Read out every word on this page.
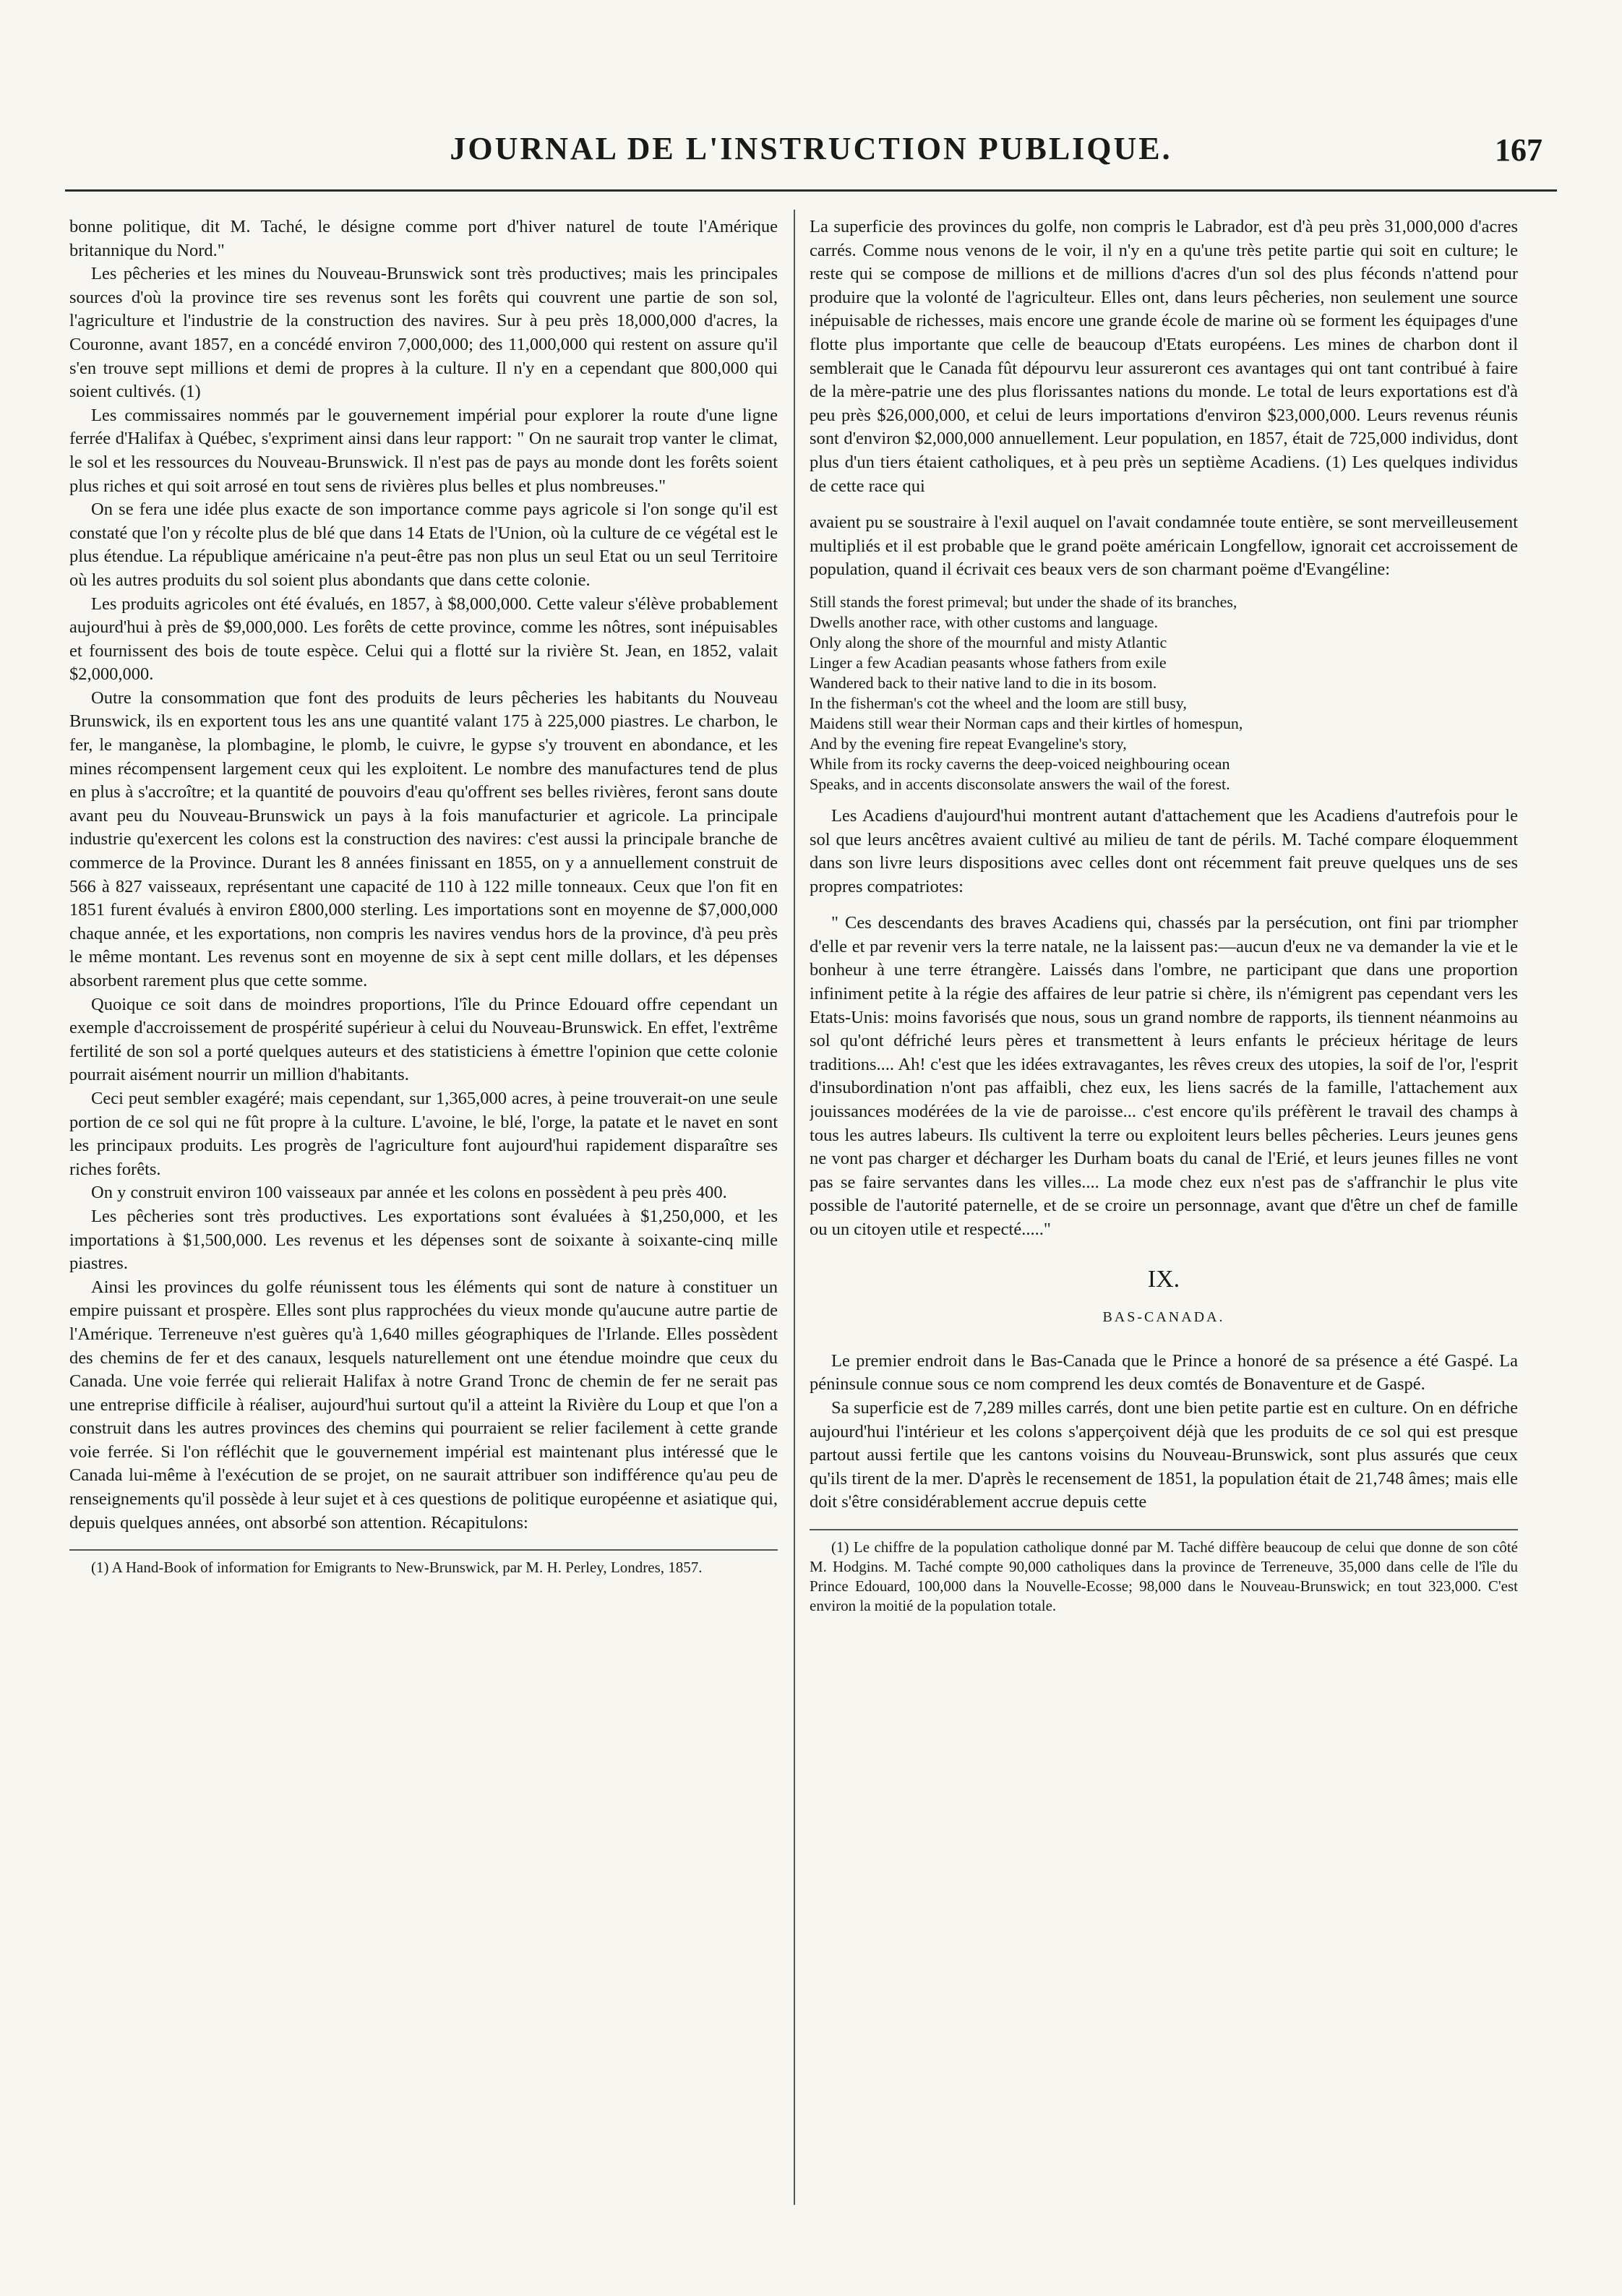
JOURNAL DE L'INSTRUCTION PUBLIQUE.	167

bonne politique, dit M. Taché, le désigne comme port d'hiver naturel de toute l'Amérique britannique du Nord."

Les pêcheries et les mines du Nouveau-Brunswick sont très productives; mais les principales sources d'où la province tire ses revenus sont les forêts qui couvrent une partie de son sol, l'agriculture et l'industrie de la construction des navires. Sur à peu près 18,000,000 d'acres, la Couronne, avant 1857, en a concédé environ 7,000,000; des 11,000,000 qui restent on assure qu'il s'en trouve sept millions et demi de propres à la culture. Il n'y en a cependant que 800,000 qui soient cultivés. (1)

Les commissaires nommés par le gouvernement impérial pour explorer la route d'une ligne ferrée d'Halifax à Québec, s'expriment ainsi dans leur rapport: " On ne saurait trop vanter le climat, le sol et les ressources du Nouveau-Brunswick. Il n'est pas de pays au monde dont les forêts soient plus riches et qui soit arrosé en tout sens de rivières plus belles et plus nombreuses."

On se fera une idée plus exacte de son importance comme pays agricole si l'on songe qu'il est constaté que l'on y récolte plus de blé que dans 14 Etats de l'Union, où la culture de ce végétal est le plus étendue. La république américaine n'a peut-être pas non plus un seul Etat ou un seul Territoire où les autres produits du sol soient plus abondants que dans cette colonie.

Les produits agricoles ont été évalués, en 1857, à $8,000,000. Cette valeur s'élève probablement aujourd'hui à près de $9,000,000. Les forêts de cette province, comme les nôtres, sont inépuisables et fournissent des bois de toute espèce. Celui qui a flotté sur la rivière St. Jean, en 1852, valait $2,000,000.

Outre la consommation que font des produits de leurs pêcheries les habitants du Nouveau Brunswick, ils en exportent tous les ans une quantité valant 175 à 225,000 piastres. Le charbon, le fer, le manganèse, la plombagine, le plomb, le cuivre, le gypse s'y trouvent en abondance, et les mines récompensent largement ceux qui les exploitent. Le nombre des manufactures tend de plus en plus à s'accroître; et la quantité de pouvoirs d'eau qu'offrent ses belles rivières, feront sans doute avant peu du Nouveau-Brunswick un pays à la fois manufacturier et agricole. La principale industrie qu'exercent les colons est la construction des navires: c'est aussi la principale branche de commerce de la Province. Durant les 8 années finissant en 1855, on y a annuellement construit de 566 à 827 vaisseaux, représentant une capacité de 110 à 122 mille tonneaux. Ceux que l'on fit en 1851 furent évalués à environ £800,000 sterling. Les importations sont en moyenne de $7,000,000 chaque année, et les exportations, non compris les navires vendus hors de la province, d'à peu près le même montant. Les revenus sont en moyenne de six à sept cent mille dollars, et les dépenses absorbent rarement plus que cette somme.

Quoique ce soit dans de moindres proportions, l'île du Prince Edouard offre cependant un exemple d'accroissement de prospérité supérieur à celui du Nouveau-Brunswick. En effet, l'extrême fertilité de son sol a porté quelques auteurs et des statisticiens à émettre l'opinion que cette colonie pourrait aisément nourrir un million d'habitants.

Ceci peut sembler exagéré; mais cependant, sur 1,365,000 acres, à peine trouverait-on une seule portion de ce sol qui ne fût propre à la culture. L'avoine, le blé, l'orge, la patate et le navet en sont les principaux produits. Les progrès de l'agriculture font aujourd'hui rapidement disparaître ses riches forêts.

On y construit environ 100 vaisseaux par année et les colons en possèdent à peu près 400.

Les pêcheries sont très productives. Les exportations sont évaluées à $1,250,000, et les importations à $1,500,000. Les revenus et les dépenses sont de soixante à soixante-cinq mille piastres.

Ainsi les provinces du golfe réunissent tous les éléments qui sont de nature à constituer un empire puissant et prospère. Elles sont plus rapprochées du vieux monde qu'aucune autre partie de l'Amérique. Terreneuve n'est guères qu'à 1,640 milles géographiques de l'Irlande. Elles possèdent des chemins de fer et des canaux, lesquels naturellement ont une étendue moindre que ceux du Canada. Une voie ferrée qui relierait Halifax à notre Grand Tronc de chemin de fer ne serait pas une entreprise difficile à réaliser, aujourd'hui surtout qu'il a atteint la Rivière du Loup et que l'on a construit dans les autres provinces des chemins qui pourraient se relier facilement à cette grande voie ferrée. Si l'on réfléchit que le gouvernement impérial est maintenant plus intéressé que le Canada lui-même à l'exécution de se projet, on ne saurait attribuer son indifférence qu'au peu de renseignements qu'il possède à leur sujet et à ces questions de politique européenne et asiatique qui, depuis quelques années, ont absorbé son attention. Récapitulons:

(1) A Hand-Book of information for Emigrants to New-Brunswick, par M. H. Perley, Londres, 1857.

La superficie des provinces du golfe, non compris le Labrador, est d'à peu près 31,000,000 d'acres carrés. Comme nous venons de le voir, il n'y en a qu'une très petite partie qui soit en culture; le reste qui se compose de millions et de millions d'acres d'un sol des plus féconds n'attend pour produire que la volonté de l'agriculteur. Elles ont, dans leurs pêcheries, non seulement une source inépuisable de richesses, mais encore une grande école de marine où se forment les équipages d'une flotte plus importante que celle de beaucoup d'Etats européens. Les mines de charbon dont il semblerait que le Canada fût dépourvu leur assureront ces avantages qui ont tant contribué à faire de la mère-patrie une des plus florissantes nations du monde. Le total de leurs exportations est d'à peu près $26,000,000, et celui de leurs importations d'environ $23,000,000. Leurs revenus réunis sont d'environ $2,000,000 annuellement. Leur population, en 1857, était de 725,000 individus, dont plus d'un tiers étaient catholiques, et à peu près un septième Acadiens. (1) Les quelques individus de cette race qui

avaient pu se soustraire à l'exil auquel on l'avait condamnée toute entière, se sont merveilleusement multipliés et il est probable que le grand poëte américain Longfellow, ignorait cet accroissement de population, quand il écrivait ces beaux vers de son charmant poëme d'Evangéline:

Still stands the forest primeval; but under the shade of its branches,
Dwells another race, with other customs and language.
Only along the shore of the mournful and misty Atlantic
Linger a few Acadian peasants whose fathers from exile
Wandered back to their native land to die in its bosom.
In the fisherman's cot the wheel and the loom are still busy,
Maidens still wear their Norman caps and their kirtles of homespun,
And by the evening fire repeat Evangeline's story,
While from its rocky caverns the deep-voiced neighbouring ocean
Speaks, and in accents disconsolate answers the wail of the forest.

Les Acadiens d'aujourd'hui montrent autant d'attachement que les Acadiens d'autrefois pour le sol que leurs ancêtres avaient cultivé au milieu de tant de périls. M. Taché compare éloquemment dans son livre leurs dispositions avec celles dont ont récemment fait preuve quelques uns de ses propres compatriotes:

" Ces descendants des braves Acadiens qui, chassés par la persécution, ont fini par triompher d'elle et par revenir vers la terre natale, ne la laissent pas:—aucun d'eux ne va demander la vie et le bonheur à une terre étrangère. Laissés dans l'ombre, ne participant que dans une proportion infiniment petite à la régie des affaires de leur patrie si chère, ils n'émigrent pas cependant vers les Etats-Unis: moins favorisés que nous, sous un grand nombre de rapports, ils tiennent néanmoins au sol qu'ont défriché leurs pères et transmettent à leurs enfants le précieux héritage de leurs traditions.... Ah! c'est que les idées extravagantes, les rêves creux des utopies, la soif de l'or, l'esprit d'insubordination n'ont pas affaibli, chez eux, les liens sacrés de la famille, l'attachement aux jouissances modérées de la vie de paroisse... c'est encore qu'ils préfèrent le travail des champs à tous les autres labeurs. Ils cultivent la terre ou exploitent leurs belles pêcheries. Leurs jeunes gens ne vont pas charger et décharger les Durham boats du canal de l'Erié, et leurs jeunes filles ne vont pas se faire servantes dans les villes.... La mode chez eux n'est pas de s'affranchir le plus vite possible de l'autorité paternelle, et de se croire un personnage, avant que d'être un chef de famille ou un citoyen utile et respecté....."

IX.
BAS-CANADA.

Le premier endroit dans le Bas-Canada que le Prince a honoré de sa présence a été Gaspé. La péninsule connue sous ce nom comprend les deux comtés de Bonaventure et de Gaspé.

Sa superficie est de 7,289 milles carrés, dont une bien petite partie est en culture. On en défriche aujourd'hui l'intérieur et les colons s'apperçoivent déjà que les produits de ce sol qui est presque partout aussi fertile que les cantons voisins du Nouveau-Brunswick, sont plus assurés que ceux qu'ils tirent de la mer. D'après le recensement de 1851, la population était de 21,748 âmes; mais elle doit s'être considérablement accrue depuis cette

(1) Le chiffre de la population catholique donné par M. Taché diffère beaucoup de celui que donne de son côté M. Hodgins. M. Taché compte 90,000 catholiques dans la province de Terreneuve, 35,000 dans celle de l'île du Prince Edouard, 100,000 dans la Nouvelle-Ecosse; 98,000 dans le Nouveau-Brunswick; en tout 323,000. C'est environ la moitié de la population totale.
